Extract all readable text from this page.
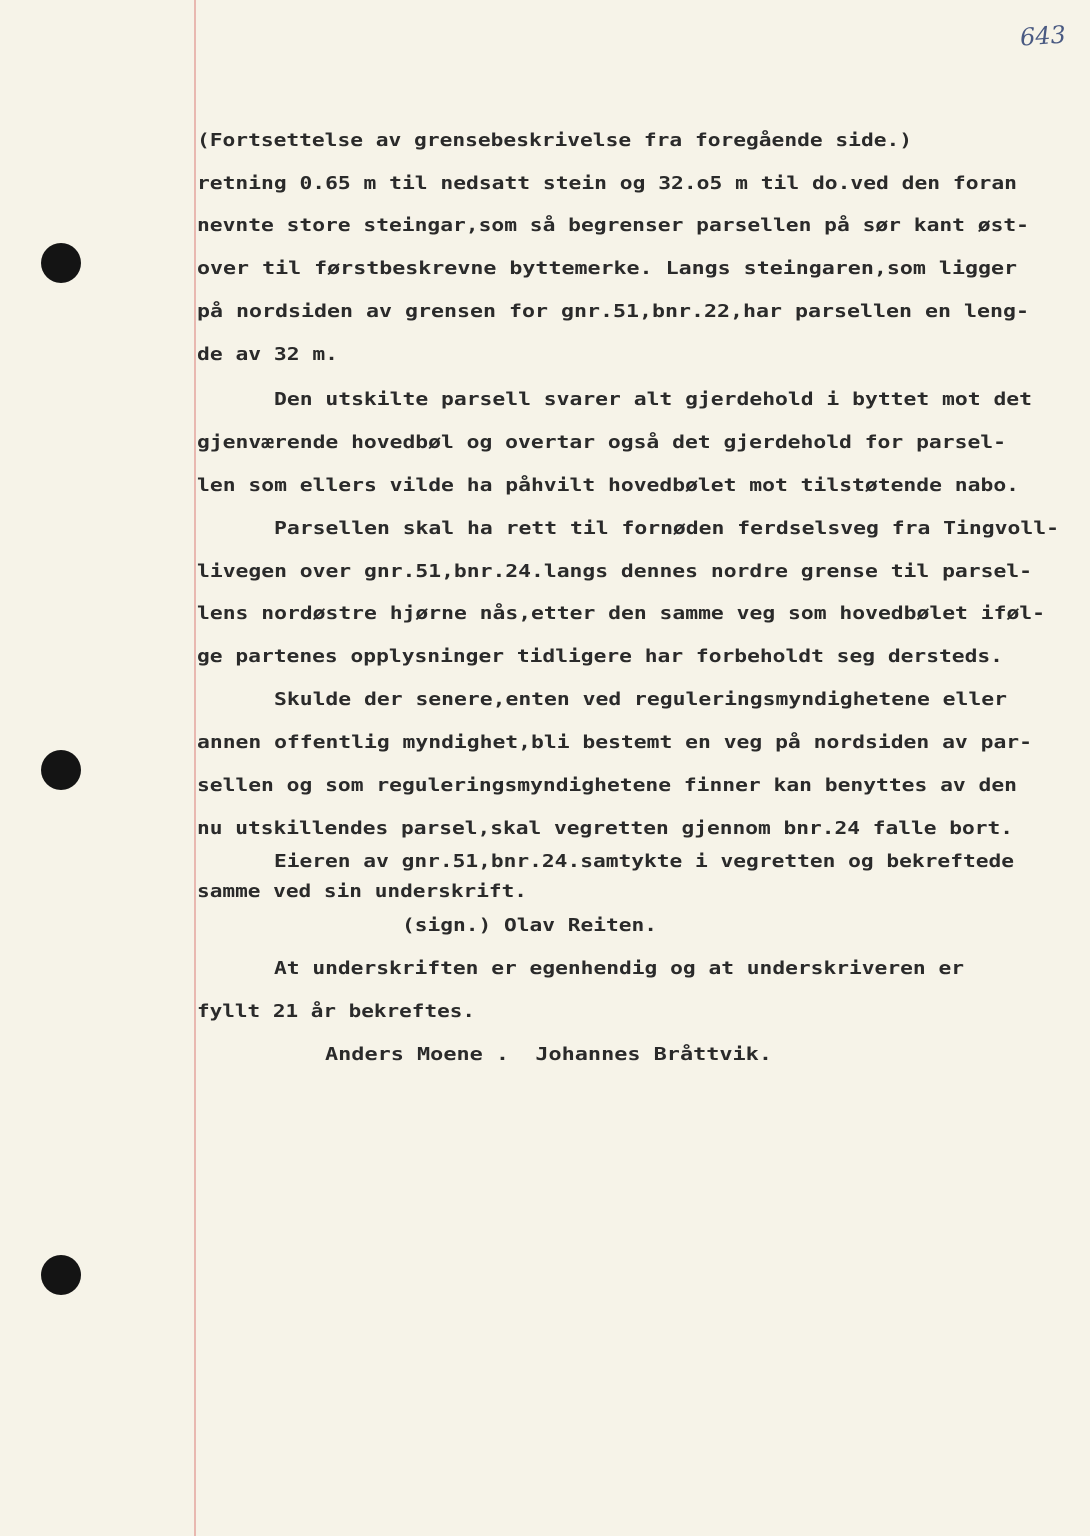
643
(Fortsettelse av grensebeskrivelse fra foregående side.)
retning 0.65 m til nedsatt stein og 32.o5 m til do.ved den foran
nevnte store steingar,som så begrenser parsellen på sør kant øst-
over til førstbeskrevne byttemerke. Langs steingaren,som ligger
på nordsiden av grensen for gnr.51,bnr.22,har parsellen en leng-
de av 32 m.
Den utskilte parsell svarer alt gjerdehold i byttet mot det
gjenværende hovedbøl og overtar også det gjerdehold for parsel-
len som ellers vilde ha påhvilt hovedbølet mot tilstøtende nabo.
Parsellen skal ha rett til fornøden ferdselsveg fra Tingvoll-
livegen over gnr.51,bnr.24.langs dennes nordre grense til parsel-
lens nordøstre hjørne nås,etter den samme veg som hovedbølet iføl-
ge partenes opplysninger tidligere har forbeholdt seg dersteds.
Skulde der senere,enten ved reguleringsmyndighetene eller
annen offentlig myndighet,bli bestemt en veg på nordsiden av par-
sellen og som reguleringsmyndighetene finner kan benyttes av den
nu utskillendes parsel,skal vegretten gjennom bnr.24 falle bort.
Eieren av gnr.51,bnr.24.samtykte i vegretten og bekreftede
samme ved sin underskrift.
(sign.) Olav Reiten.
At underskriften er egenhendig og at underskriveren er
fyllt 21 år bekreftes.
Anders Moene .  Johannes Bråttvik.
